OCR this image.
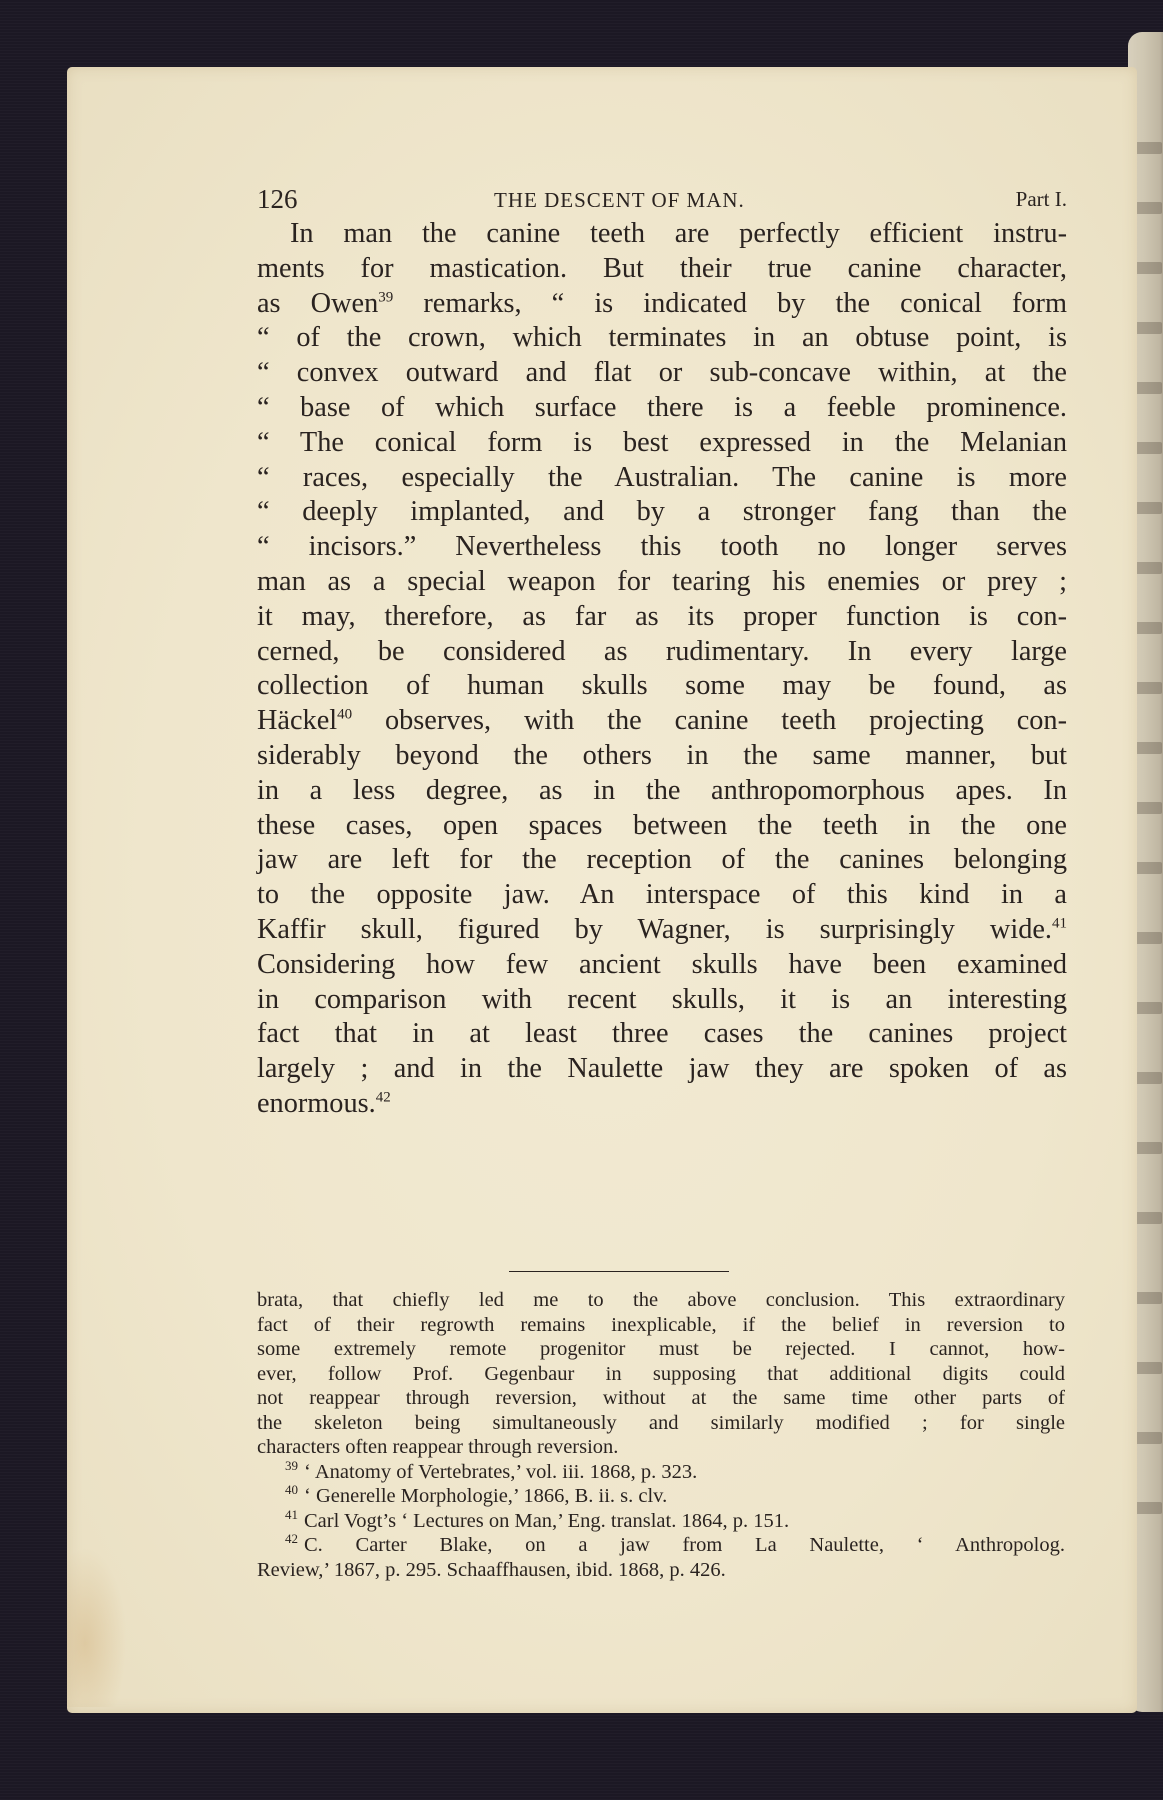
126	THE DESCENT OF MAN.	Part I.
In man the canine teeth are perfectly efficient instru-
ments for mastication. But their true canine character,
as Owen$^{39}$ remarks, “ is indicated by the conical form
“ of the crown, which terminates in an obtuse point, is
“ convex outward and flat or sub-concave within, at the
“ base of which surface there is a feeble prominence.
“ The conical form is best expressed in the Melanian
“ races, especially the Australian. The canine is more
“ deeply implanted, and by a stronger fang than the
“ incisors.” Nevertheless this tooth no longer serves
man as a special weapon for tearing his enemies or prey ;
it may, therefore, as far as its proper function is con-
cerned, be considered as rudimentary. In every large
collection of human skulls some may be found, as
Häckel$^{40}$ observes, with the canine teeth projecting con-
siderably beyond the others in the same manner, but
in a less degree, as in the anthropomorphous apes. In
these cases, open spaces between the teeth in the one
jaw are left for the reception of the canines belonging
to the opposite jaw. An interspace of this kind in a
Kaffir skull, figured by Wagner, is surprisingly wide.$^{41}$
Considering how few ancient skulls have been examined
in comparison with recent skulls, it is an interesting
fact that in at least three cases the canines project
largely ; and in the Naulette jaw they are spoken of as
enormous.$^{42}$
brata, that chiefly led me to the above conclusion. This extraordinary
fact of their regrowth remains inexplicable, if the belief in reversion to
some extremely remote progenitor must be rejected. I cannot, how-
ever, follow Prof. Gegenbaur in supposing that additional digits could
not reappear through reversion, without at the same time other parts of
the skeleton being simultaneously and similarly modified ; for single
characters often reappear through reversion.
$^{39}$ ‘ Anatomy of Vertebrates,’ vol. iii. 1868, p. 323.
$^{40}$ ‘ Generelle Morphologie,’ 1866, B. ii. s. clv.
$^{41}$ Carl Vogt’s ‘ Lectures on Man,’ Eng. translat. 1864, p. 151.
$^{42}$ C. Carter Blake, on a jaw from La Naulette, ‘ Anthropolog.
Review,’ 1867, p. 295. Schaaffhausen, ibid. 1868, p. 426.
